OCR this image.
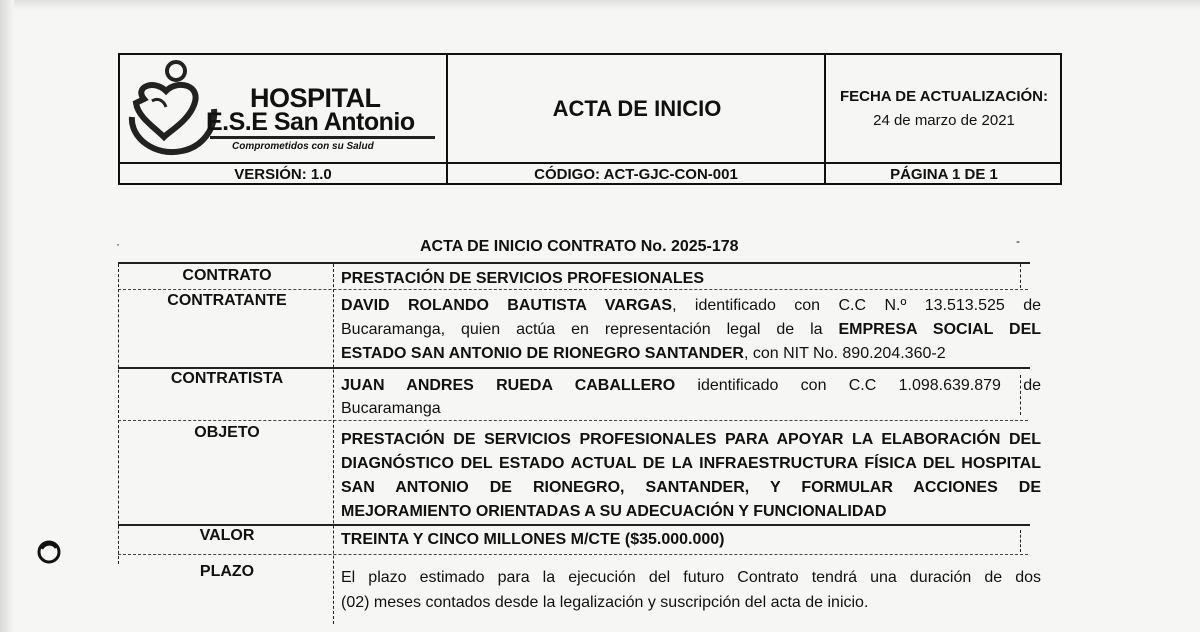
HOSPITAL
E.S.E San Antonio
Comprometidos con su Salud
ACTA DE INICIO	FECHA DE ACTUALIZACIÓN:
24 de marzo de 2021
VERSIÓN: 1.0	CÓDIGO: ACT-GJC-CON-001	PÁGINA 1 DE 1
·	-
ACTA DE INICIO CONTRATO No. 2025-178
CONTRATO	PRESTACIÓN DE SERVICIOS PROFESIONALES
CONTRATANTE	DAVID ROLANDO BAUTISTA VARGAS, identificado con C.C N.º 13.513.525 de
Bucaramanga, quien actúa en representación legal de la EMPRESA SOCIAL DEL
ESTADO SAN ANTONIO DE RIONEGRO SANTANDER, con NIT No. 890.204.360-2
CONTRATISTA	JUAN ANDRES RUEDA CABALLERO identificado con C.C 1.098.639.879 de
Bucaramanga
OBJETO	PRESTACIÓN DE SERVICIOS PROFESIONALES PARA APOYAR LA ELABORACIÓN DEL
DIAGNÓSTICO DEL ESTADO ACTUAL DE LA INFRAESTRUCTURA FÍSICA DEL HOSPITAL
SAN ANTONIO DE RIONEGRO, SANTANDER, Y FORMULAR ACCIONES DE
MEJORAMIENTO ORIENTADAS A SU ADECUACIÓN Y FUNCIONALIDAD
VALOR	TREINTA Y CINCO MILLONES M/CTE ($35.000.000)
PLAZO	El plazo estimado para la ejecución del futuro Contrato tendrá una duración de dos
(02) meses contados desde la legalización y suscripción del acta de inicio.
